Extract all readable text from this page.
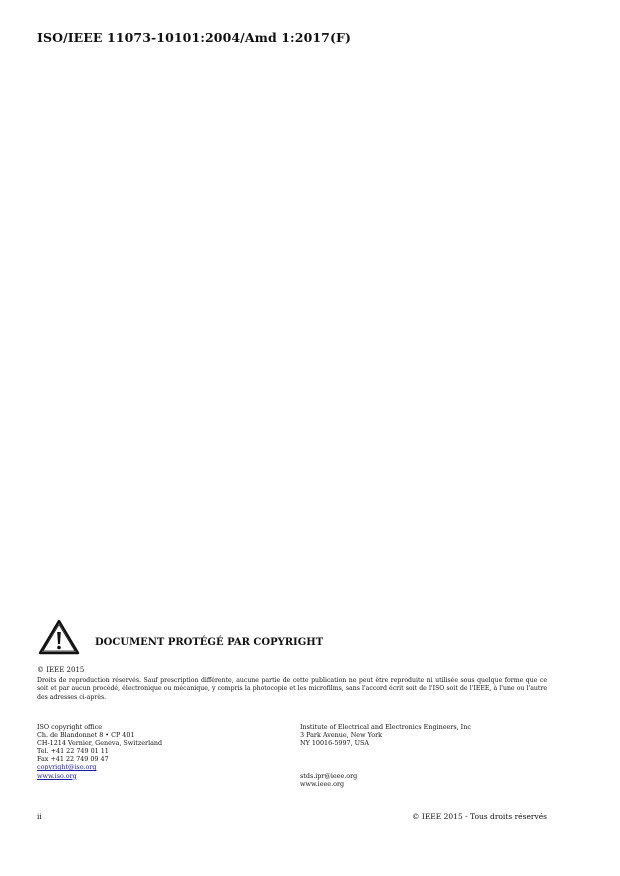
ISO/IEEE 11073-10101:2004/Amd 1:2017(F)
DOCUMENT PROTÉGÉ PAR COPYRIGHT
© IEEE 2015
Droits de reproduction réservés. Sauf prescription différente, aucune partie de cette publication ne peut être reproduite ni utilisée sous quelque forme que ce soit et par aucun procédé, électronique ou mécanique, y compris la photocopie et les microfilms, sans l'accord écrit soit de l'ISO soit de l'IEEE, à l'une ou l'autre des adresses ci-après.
ISO copyright office
Ch. de Blandonnet 8 • CP 401
CH-1214 Vernier, Geneva, Switzerland
Tel. +41 22 749 01 11
Fax +41 22 749 09 47
copyright@iso.org
www.iso.org
Institute of Electrical and Electronics Engineers, Inc
3 Park Avenue, New York
NY 10016-5997, USA
stds.ipr@ieee.org
www.ieee.org
ii	© IEEE 2015 - Tous droits réservés
